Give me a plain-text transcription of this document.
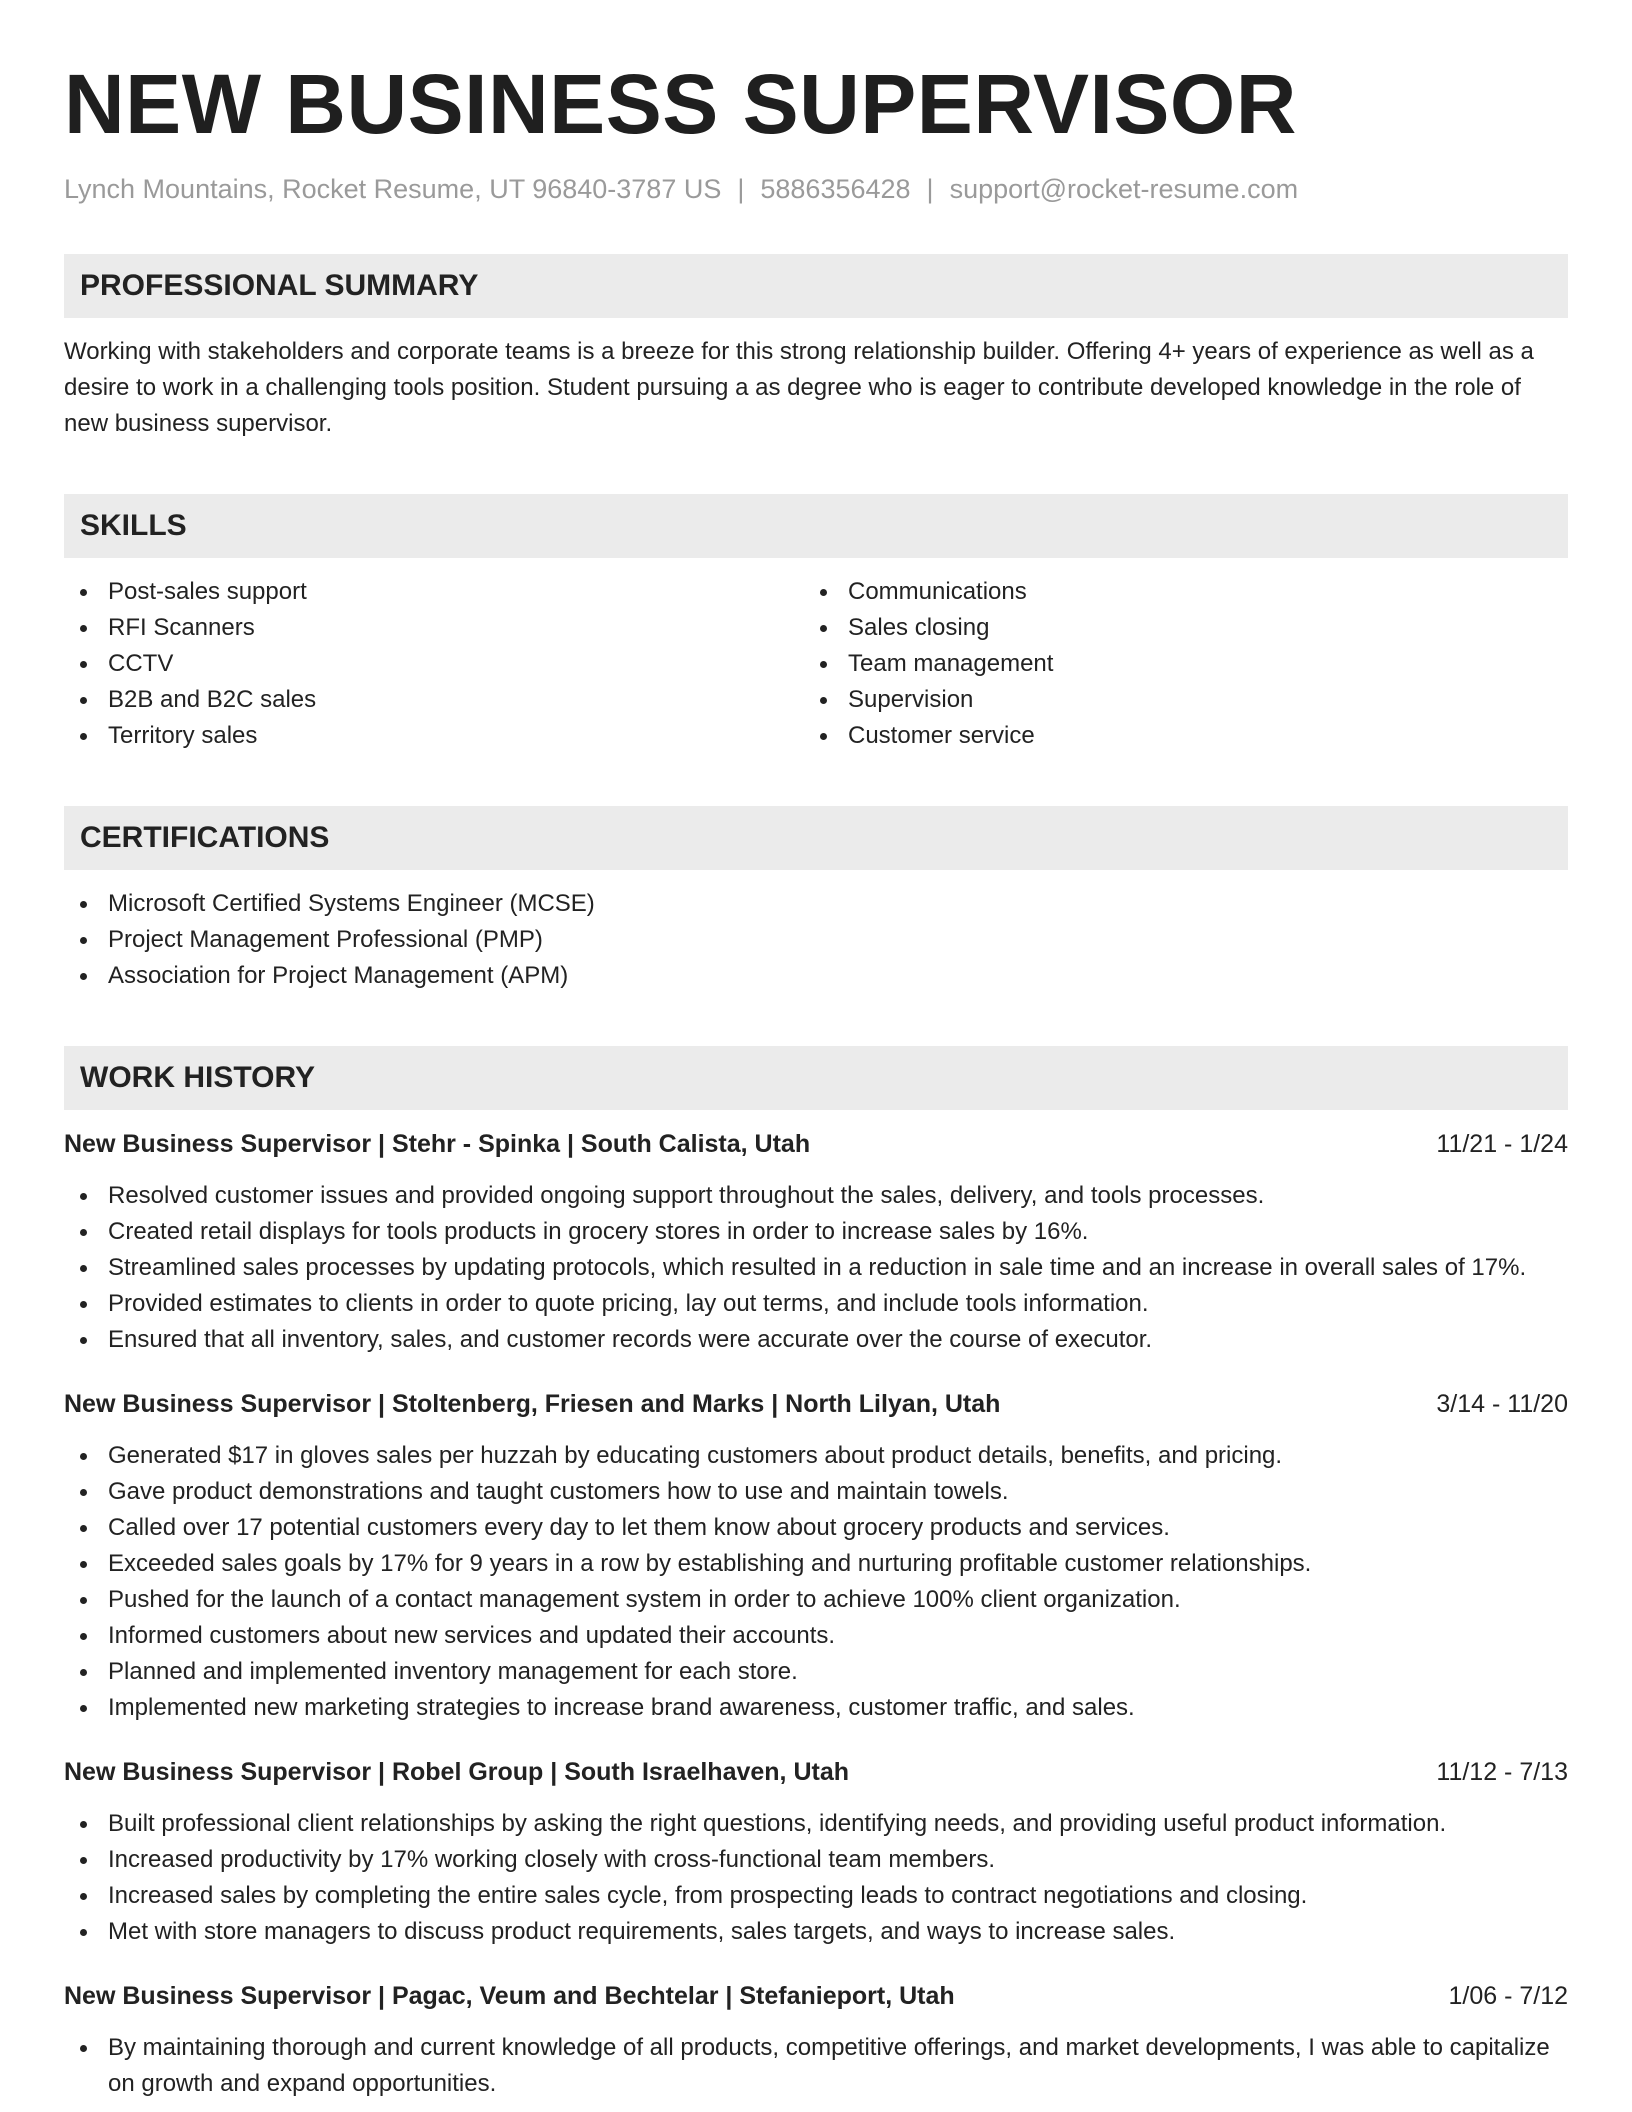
NEW BUSINESS SUPERVISOR
Lynch Mountains, Rocket Resume, UT 96840-3787 US | 5886356428 | support@rocket-resume.com
PROFESSIONAL SUMMARY
Working with stakeholders and corporate teams is a breeze for this strong relationship builder. Offering 4+ years of experience as well as a desire to work in a challenging tools position. Student pursuing a as degree who is eager to contribute developed knowledge in the role of new business supervisor.
SKILLS
Post-sales support
RFI Scanners
CCTV
B2B and B2C sales
Territory sales
Communications
Sales closing
Team management
Supervision
Customer service
CERTIFICATIONS
Microsoft Certified Systems Engineer (MCSE)
Project Management Professional (PMP)
Association for Project Management (APM)
WORK HISTORY
New Business Supervisor | Stehr - Spinka | South Calista, Utah	11/21 - 1/24
Resolved customer issues and provided ongoing support throughout the sales, delivery, and tools processes.
Created retail displays for tools products in grocery stores in order to increase sales by 16%.
Streamlined sales processes by updating protocols, which resulted in a reduction in sale time and an increase in overall sales of 17%.
Provided estimates to clients in order to quote pricing, lay out terms, and include tools information.
Ensured that all inventory, sales, and customer records were accurate over the course of executor.
New Business Supervisor | Stoltenberg, Friesen and Marks | North Lilyan, Utah	3/14 - 11/20
Generated $17 in gloves sales per huzzah by educating customers about product details, benefits, and pricing.
Gave product demonstrations and taught customers how to use and maintain towels.
Called over 17 potential customers every day to let them know about grocery products and services.
Exceeded sales goals by 17% for 9 years in a row by establishing and nurturing profitable customer relationships.
Pushed for the launch of a contact management system in order to achieve 100% client organization.
Informed customers about new services and updated their accounts.
Planned and implemented inventory management for each store.
Implemented new marketing strategies to increase brand awareness, customer traffic, and sales.
New Business Supervisor | Robel Group | South Israelhaven, Utah	11/12 - 7/13
Built professional client relationships by asking the right questions, identifying needs, and providing useful product information.
Increased productivity by 17% working closely with cross-functional team members.
Increased sales by completing the entire sales cycle, from prospecting leads to contract negotiations and closing.
Met with store managers to discuss product requirements, sales targets, and ways to increase sales.
New Business Supervisor | Pagac, Veum and Bechtelar | Stefanieport, Utah	1/06 - 7/12
By maintaining thorough and current knowledge of all products, competitive offerings, and market developments, I was able to capitalize on growth and expand opportunities.
